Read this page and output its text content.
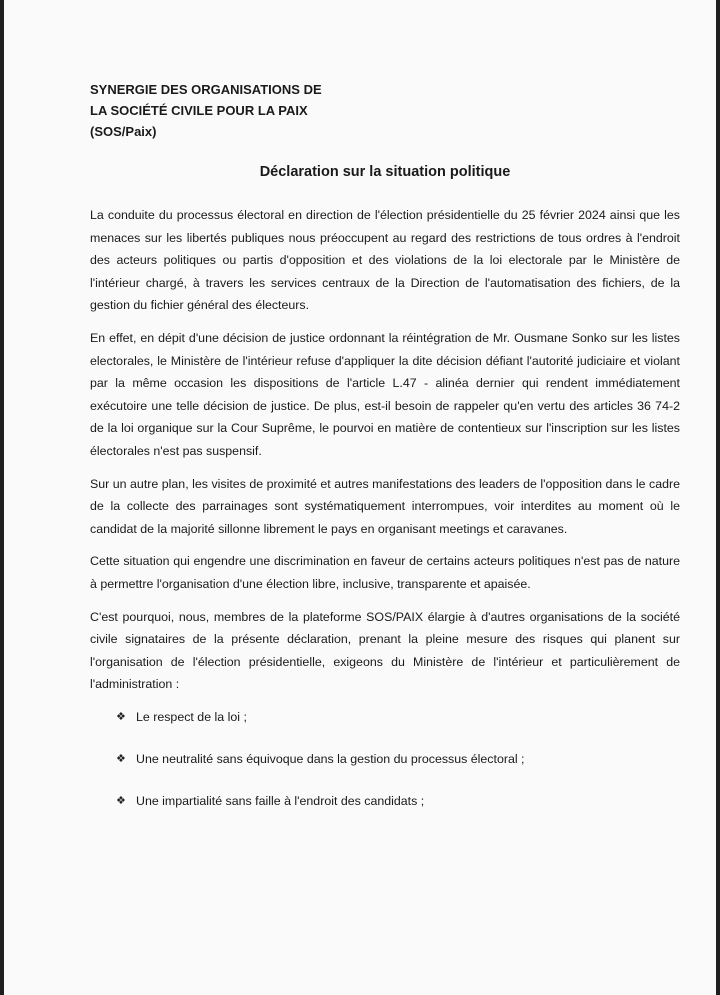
SYNERGIE DES ORGANISATIONS DE
LA SOCIÉTÉ CIVILE POUR LA PAIX
(SOS/Paix)
Déclaration sur la situation politique

La conduite du processus électoral en direction de l'élection présidentielle du 25 février 2024 ainsi que les menaces sur les libertés publiques nous préoccupent au regard des restrictions de tous ordres à l'endroit des acteurs politiques ou partis d'opposition et des violations de la loi electorale par le Ministère de l'intérieur chargé, à travers les services centraux de la Direction de l'automatisation des fichiers, de la gestion du fichier général des électeurs.

En effet, en dépit d'une décision de justice ordonnant la réintégration de Mr. Ousmane Sonko sur les listes electorales, le Ministère de l'intérieur refuse d'appliquer la dite décision défiant l'autorité judiciaire et violant par la même occasion les dispositions de l'article L.47 - alinéa dernier qui rendent immédiatement exécutoire une telle décision de justice. De plus, est-il besoin de rappeler qu'en vertu des articles 36 74-2 de la loi organique sur la Cour Suprême, le pourvoi en matière de contentieux sur l'inscription sur les listes électorales n'est pas suspensif.

Sur un autre plan, les visites de proximité et autres manifestations des leaders de l'opposition dans le cadre de la collecte des parrainages sont systématiquement interrompues, voir interdites au moment où le candidat de la majorité sillonne librement le pays en organisant meetings et caravanes.

Cette situation qui engendre une discrimination en faveur de certains acteurs politiques n'est pas de nature à permettre l'organisation d'une élection libre, inclusive, transparente et apaisée.

C'est pourquoi, nous, membres de la plateforme SOS/PAIX élargie à d'autres organisations de la société civile signataires de la présente déclaration, prenant la pleine mesure des risques qui planent sur l'organisation de l'élection présidentielle, exigeons du Ministère de l'intérieur et particulièrement de l'administration :

❖ Le respect de la loi ;
❖ Une neutralité sans équivoque dans la gestion du processus électoral ;
❖ Une impartialité sans faille à l'endroit des candidats ;
